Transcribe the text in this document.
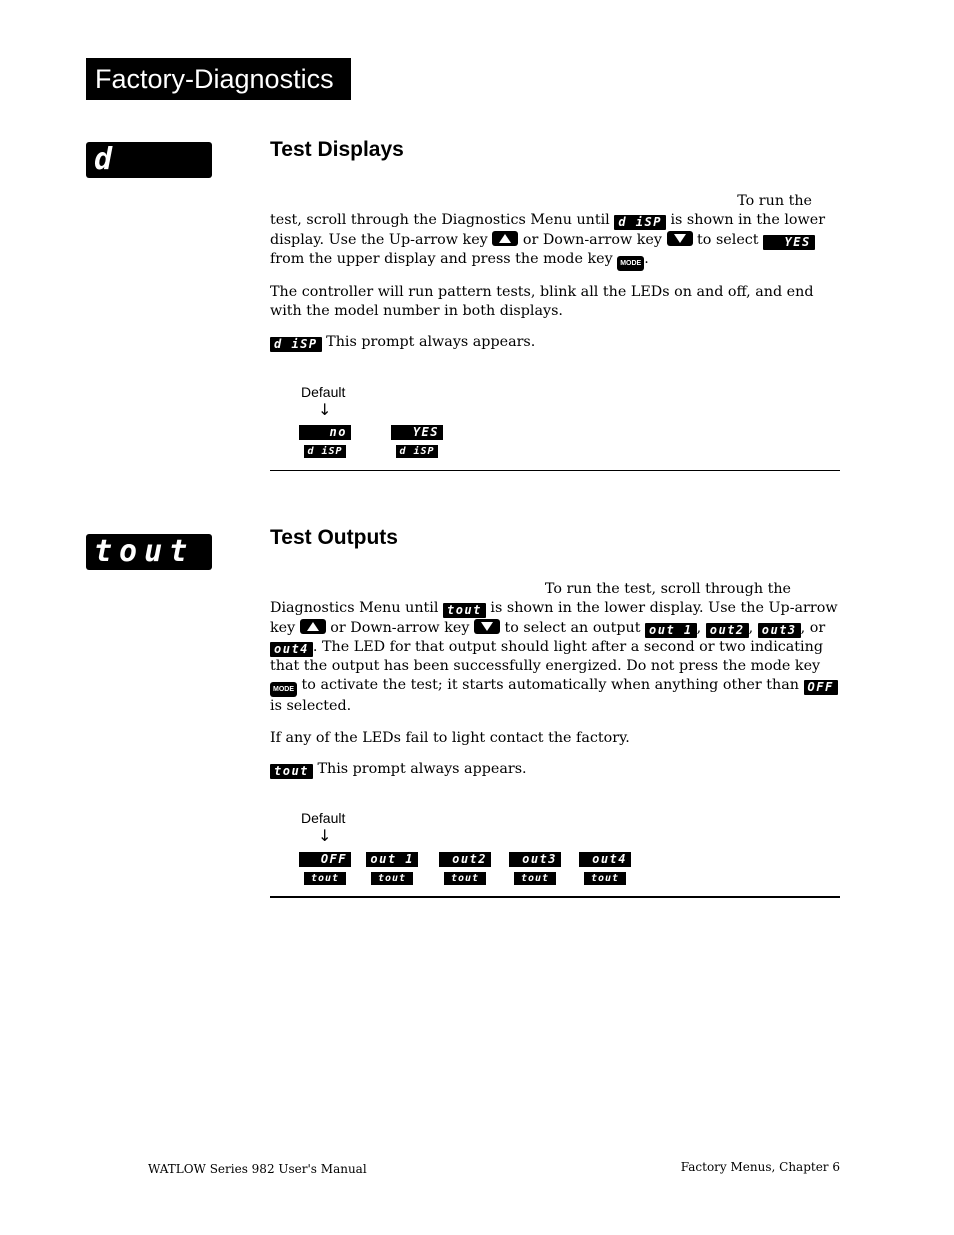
Factory-Diagnostics
d iSP
Test Displays

To run the
test, scroll through the Diagnostics Menu until d iSP is shown in the lower display. Use the Up-arrow key
or Down-arrow key
to select   YES from the upper display and press the mode key MODE .

The controller will run pattern tests, blink all the LEDs on and off, and end with the model number in both displays.

d iSP This prompt always appears.

Default
↓
no
d iSP
YES
d iSP
tout	Test Outputs

To run the test, scroll through the
Diagnostics Menu until tout is shown in the lower display. Use the Up-arrow key
or Down-arrow key
to select an output out 1 , out2 , out3 , or out4 . The LED for that output should light after a second or two indicating that the output has been successfully energized. Do not press the mode key MODE to activate the test; it starts automatically when anything other than OFF is selected.

If any of the LEDs fail to light contact the factory.

tout This prompt always appears.

Default
↓
OFF
tout
out 1
tout
out2
tout
out3
tout
out4
tout
WATLOW Series 982 User's Manual	Factory Menus, Chapter 6
